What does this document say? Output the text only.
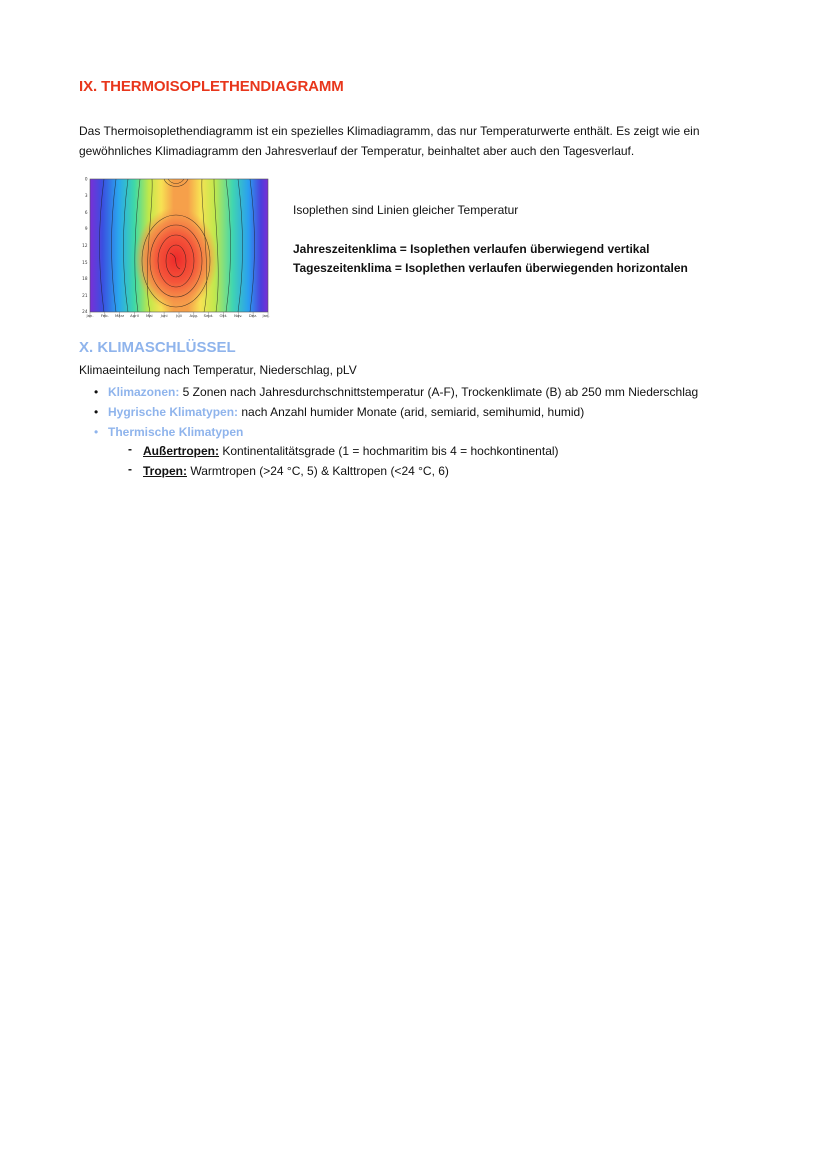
IX. THERMOISOPLETHENDIAGRAMM
Das Thermoisoplethendiagramm ist ein spezielles Klimadiagramm, das nur Temperaturwerte enthält. Es zeigt wie ein
gewöhnliches Klimadiagramm den Jahresverlauf der Temperatur, beinhaltet aber auch den Tagesverlauf.
0
3
6
9
12
15
18
21
24
Jan. Feb. März April Mai Juni Juli Aug. Sept. Okt. Nov. Dez. Jan.
Isoplethen sind Linien gleicher Temperatur
Jahreszeitenklima = Isoplethen verlaufen überwiegend vertikal
Tageszeitenklima = Isoplethen verlaufen überwiegenden horizontalen
X. KLIMASCHLÜSSEL
Klimaeinteilung nach Temperatur, Niederschlag, pLV
• Klimazonen: 5 Zonen nach Jahresdurchschnittstemperatur (A-F), Trockenklimate (B) ab 250 mm Niederschlag
• Hygrische Klimatypen: nach Anzahl humider Monate (arid, semiarid, semihumid, humid)
• Thermische Klimatypen
- Außertropen: Kontinentalitätsgrade (1 = hochmaritim bis 4 = hochkontinental)
- Tropen: Warmtropen (>24 °C, 5) & Kalttropen (<24 °C, 6)
